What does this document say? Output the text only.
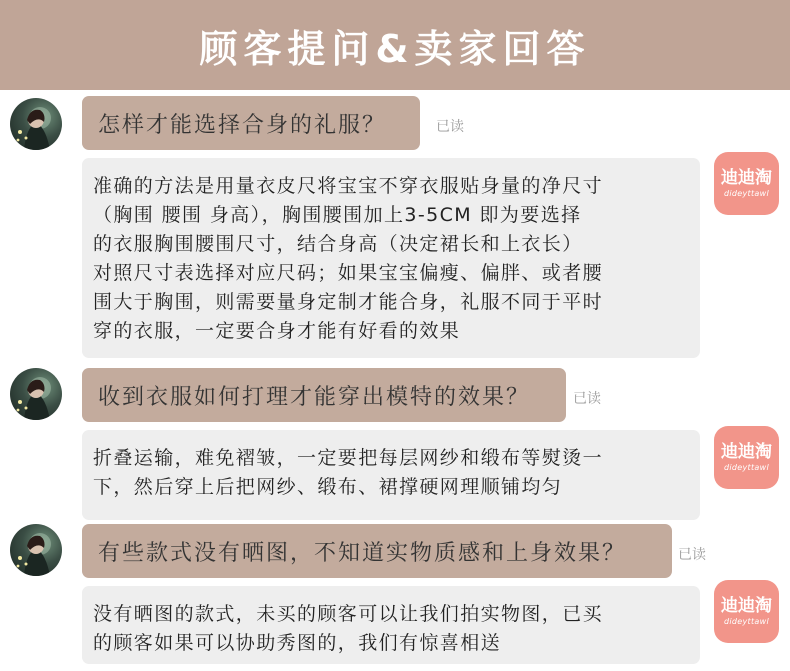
顾客提问&卖家回答
怎样才能选择合身的礼服？	已读
准确的方法是用量衣皮尺将宝宝不穿衣服贴身量的净尺寸
（胸围 腰围 身高），胸围腰围加上3-5CM 即为要选择
的衣服胸围腰围尺寸，结合身高（决定裙长和上衣长）
对照尺寸表选择对应尺码；如果宝宝偏瘦、偏胖、或者腰
围大于胸围，则需要量身定制才能合身，礼服不同于平时
穿的衣服，一定要合身才能有好看的效果
迪迪淘
dideyttawl
收到衣服如何打理才能穿出模特的效果？	已读
折叠运输，难免褶皱，一定要把每层网纱和缎布等熨烫一
下，然后穿上后把网纱、缎布、裙撑硬网理顺铺均匀
迪迪淘
dideyttawl
有些款式没有晒图，不知道实物质感和上身效果？	已读
没有晒图的款式，未买的顾客可以让我们拍实物图，已买
的顾客如果可以协助秀图的，我们有惊喜相送
迪迪淘
dideyttawl
